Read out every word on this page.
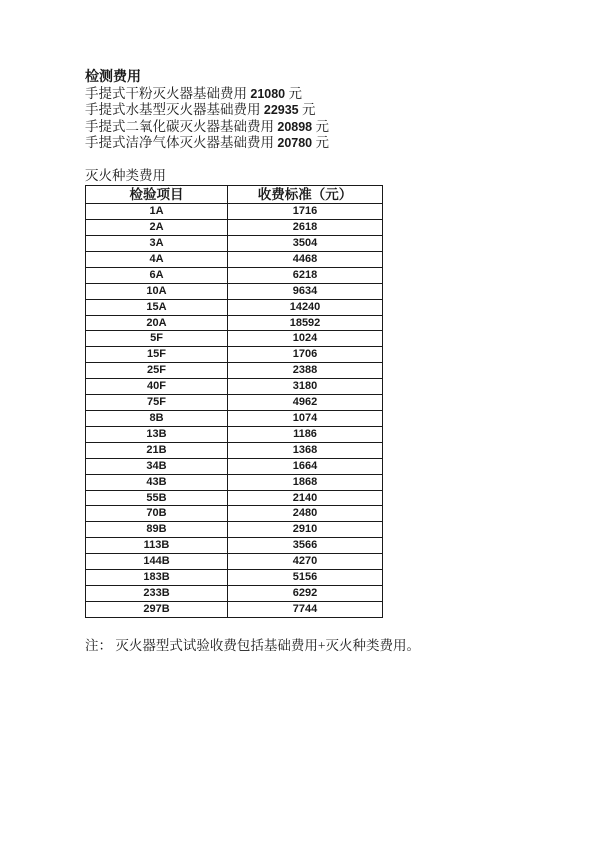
检测费用
手提式干粉灭火器基础费用 21080 元
手提式水基型灭火器基础费用 22935 元
手提式二氧化碳灭火器基础费用 20898 元
手提式洁净气体灭火器基础费用 20780 元
灭火种类费用
检验项目	收费标准（元）
1A	1716
2A	2618
3A	3504
4A	4468
6A	6218
10A	9634
15A	14240
20A	18592
5F	1024
15F	1706
25F	2388
40F	3180
75F	4962
8B	1074
13B	1186
21B	1368
34B	1664
43B	1868
55B	2140
70B	2480
89B	2910
113B	3566
144B	4270
183B	5156
233B	6292
297B	7744
注： 灭火器型式试验收费包括基础费用+灭火种类费用。
